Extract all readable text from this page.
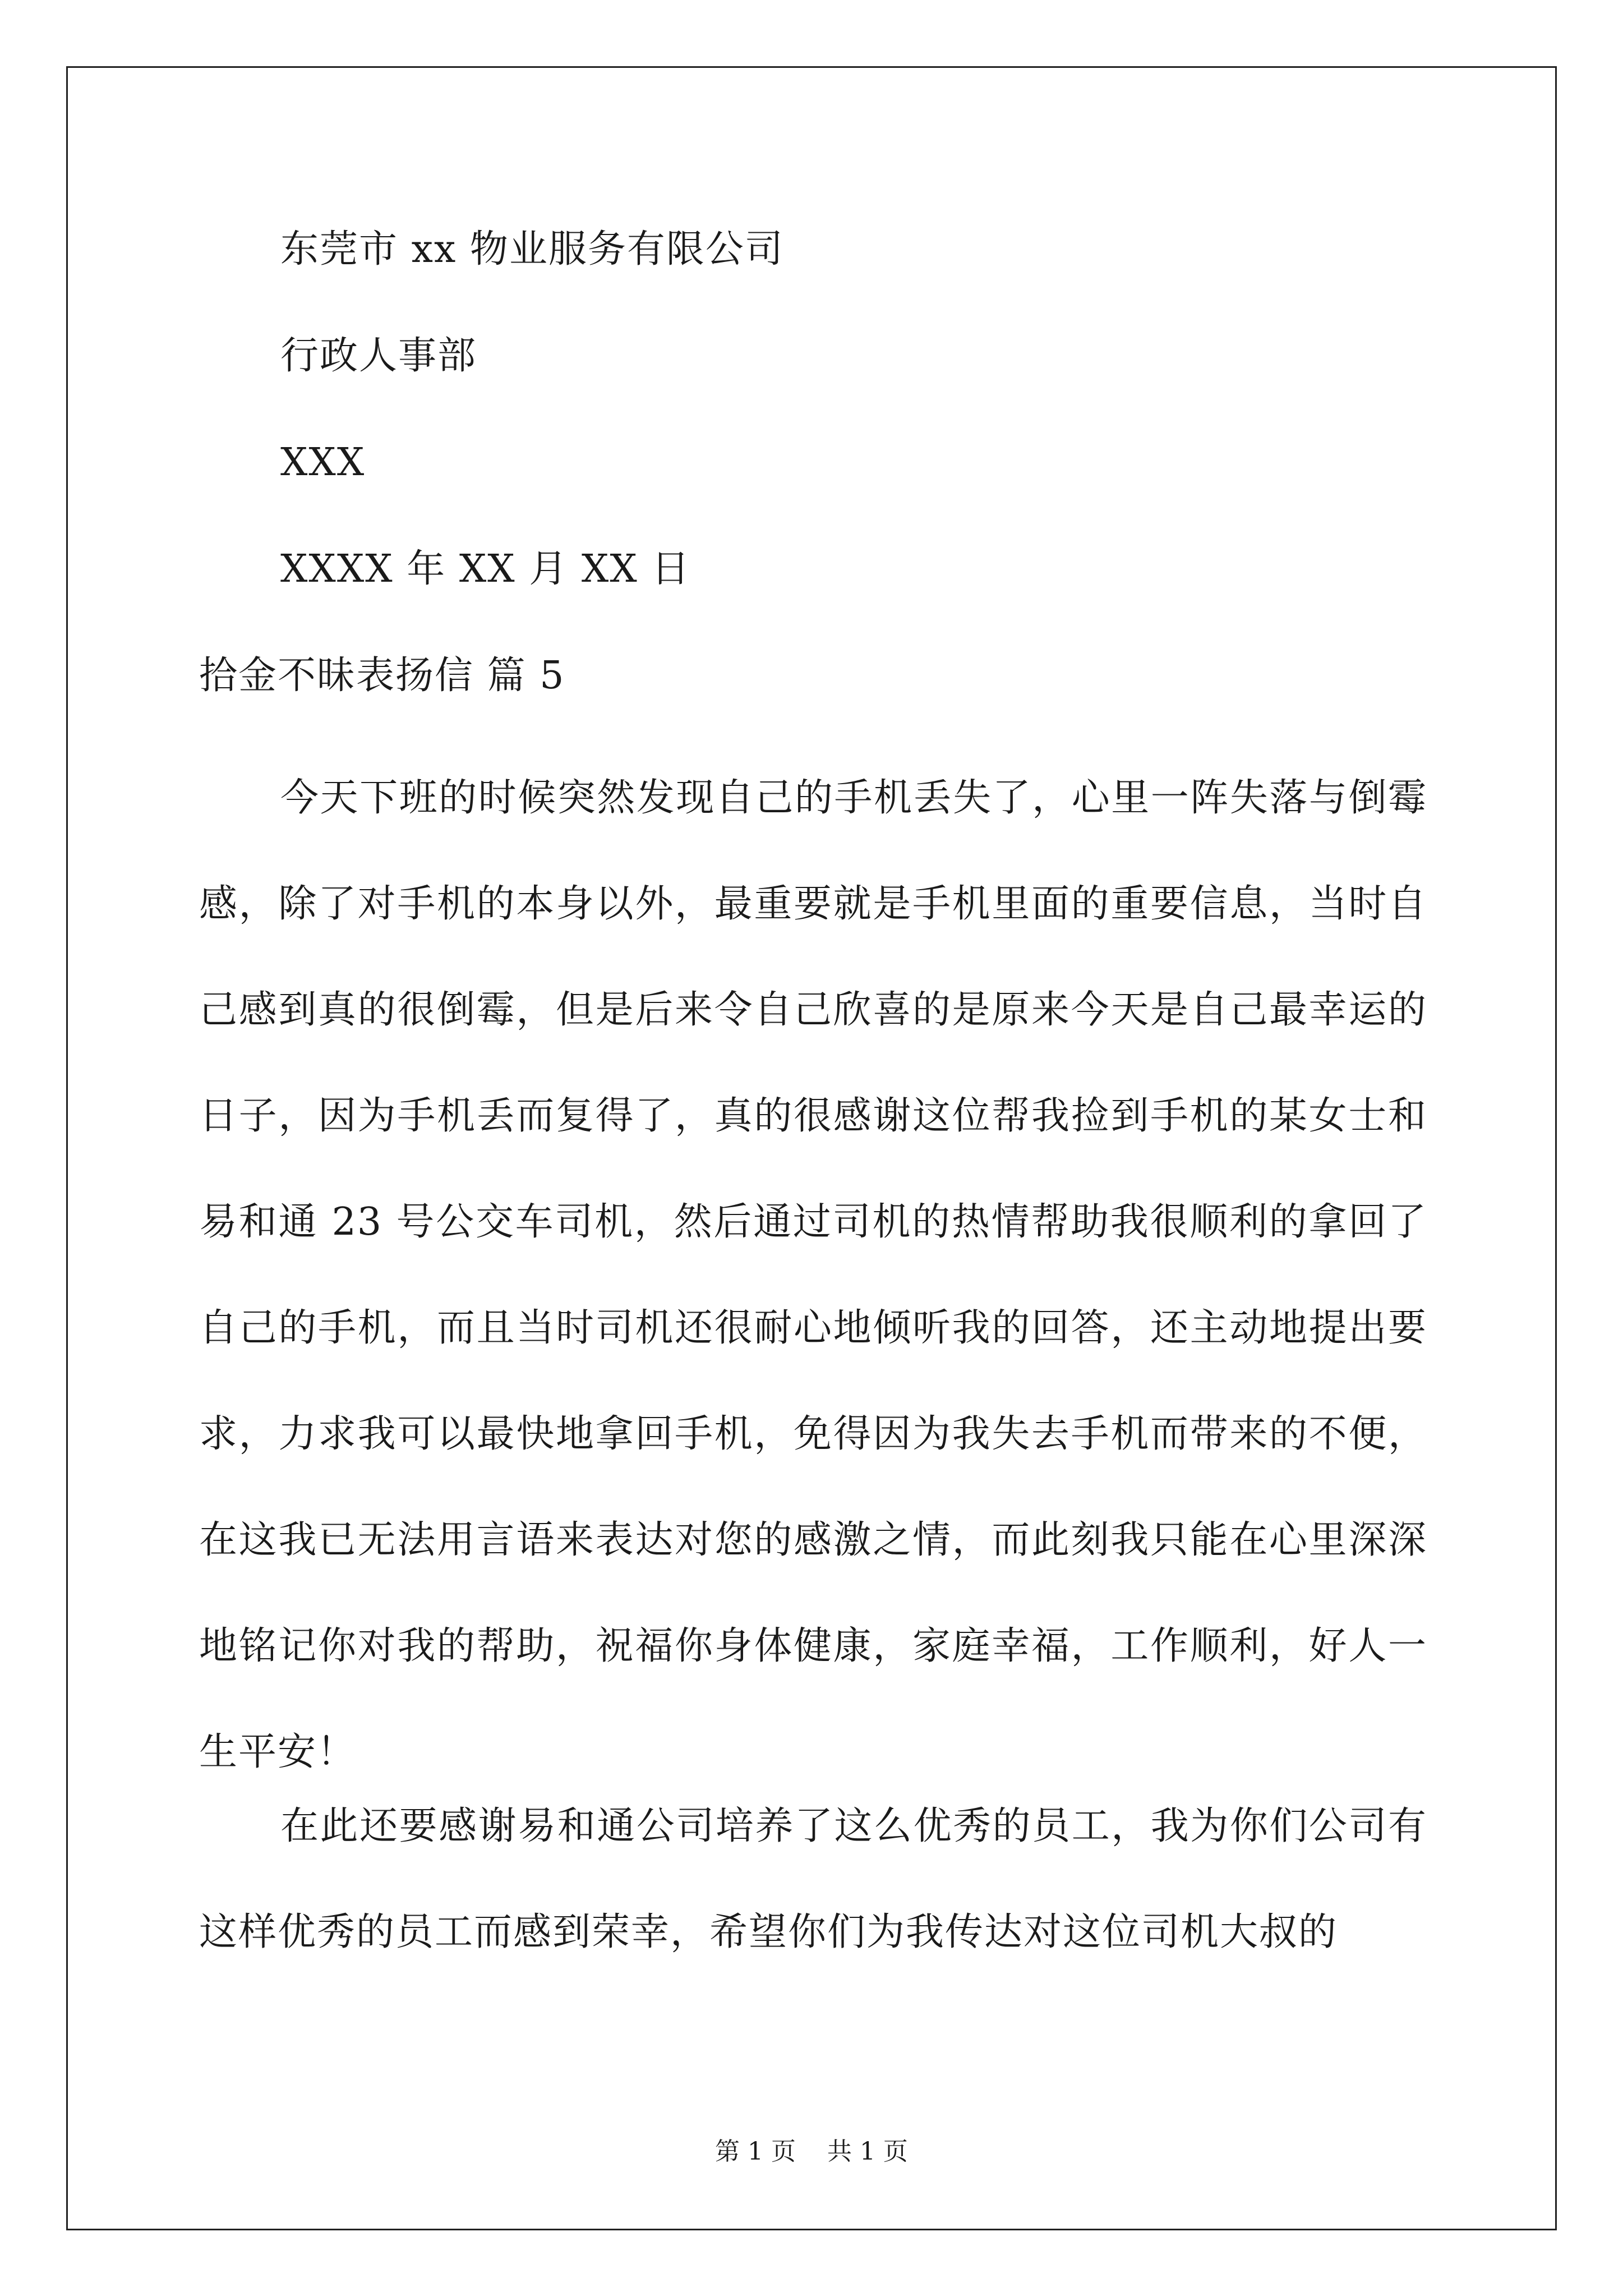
东莞市 xx 物业服务有限公司
行政人事部
XXX
XXXX 年 XX 月 XX 日
拾金不昧表扬信 篇 5

今天下班的时候突然发现自己的手机丢失了，心里一阵失落与倒霉感，除了对手机的本身以外，最重要就是手机里面的重要信息，当时自己感到真的很倒霉，但是后来令自己欣喜的是原来今天是自己最幸运的日子，因为手机丢而复得了，真的很感谢这位帮我捡到手机的某女士和易和通 23 号公交车司机，然后通过司机的热情帮助我很顺利的拿回了自己的手机，而且当时司机还很耐心地倾听我的回答，还主动地提出要求，力求我可以最快地拿回手机，免得因为我失去手机而带来的不便，在这我已无法用言语来表达对您的感激之情，而此刻我只能在心里深深地铭记你对我的帮助，祝福你身体健康，家庭幸福，工作顺利，好人一生平安！

在此还要感谢易和通公司培养了这么优秀的员工，我为你们公司有这样优秀的员工而感到荣幸，希望你们为我传达对这位司机大叔的

第 1 页    共 1 页
